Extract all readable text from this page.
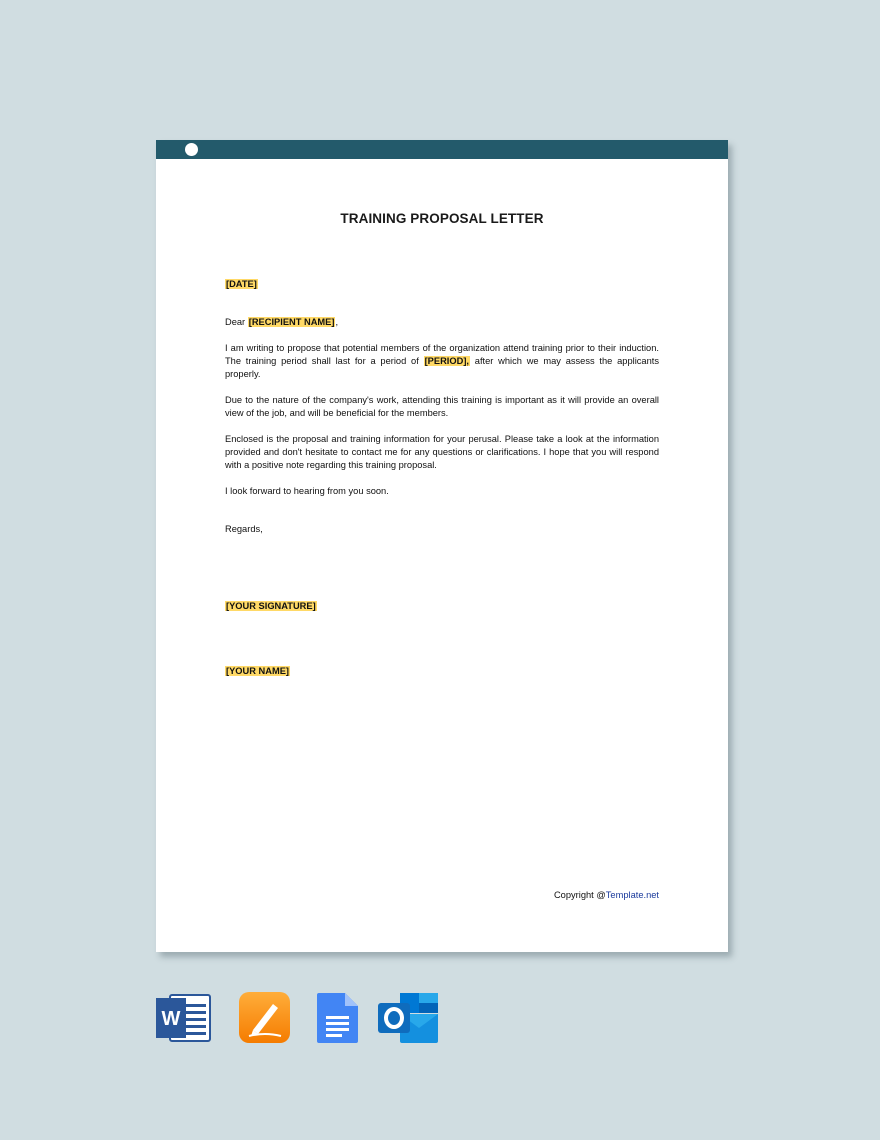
TRAINING PROPOSAL LETTER
[DATE]
Dear [RECIPIENT NAME],
I am writing to propose that potential members of the organization attend training prior to their induction. The training period shall last for a period of [PERIOD], after which we may assess the applicants properly.
Due to the nature of the company's work, attending this training is important as it will provide an overall view of the job, and will be beneficial for the members.
Enclosed is the proposal and training information for your perusal. Please take a look at the information provided and don't hesitate to contact me for any questions or clarifications. I hope that you will respond with a positive note regarding this training proposal.
I look forward to hearing from you soon.
Regards,
[YOUR SIGNATURE]
[YOUR NAME]
Copyright @Template.net
W
